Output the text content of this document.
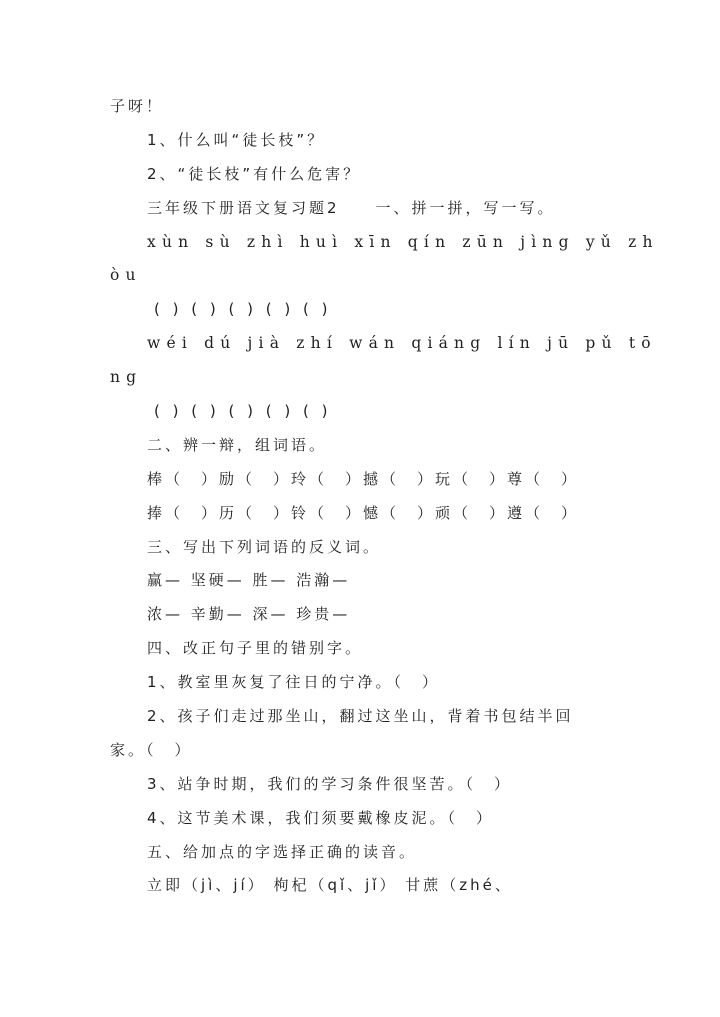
子呀！
1、什么叫“徒长枝”？
2、“徒长枝”有什么危害？
三年级下册语文复习题2　　一、拼一拼，写一写。
xùn sù zhì huì xīn qín zūn jìng yǔ zh
òu
( ) ( ) ( ) ( ) ( )
wéi dú jià zhí wán qiáng lín jū pǔ tō
ng
( ) ( ) ( ) ( ) ( )
二、辨一辩，组词语。
棒（　）励（　）玲（　）撼（　）玩（　）尊（　）
捧（　）历（　）铃（　）憾（　）顽（　）遵（　）
三、写出下列词语的反义词。
赢— 坚硬— 胜— 浩瀚—
浓— 辛勤— 深— 珍贵—
四、改正句子里的错别字。
1、教室里灰复了往日的宁净。（　）
2、孩子们走过那坐山，翻过这坐山，背着书包结半回
家。（　）
3、站争时期，我们的学习条件很坚苦。（　）
4、这节美术课，我们须要戴橡皮泥。（　）
五、给加点的字选择正确的读音。
立即（jì、jí） 枸杞（qǐ、jǐ） 甘蔗（zhé、
